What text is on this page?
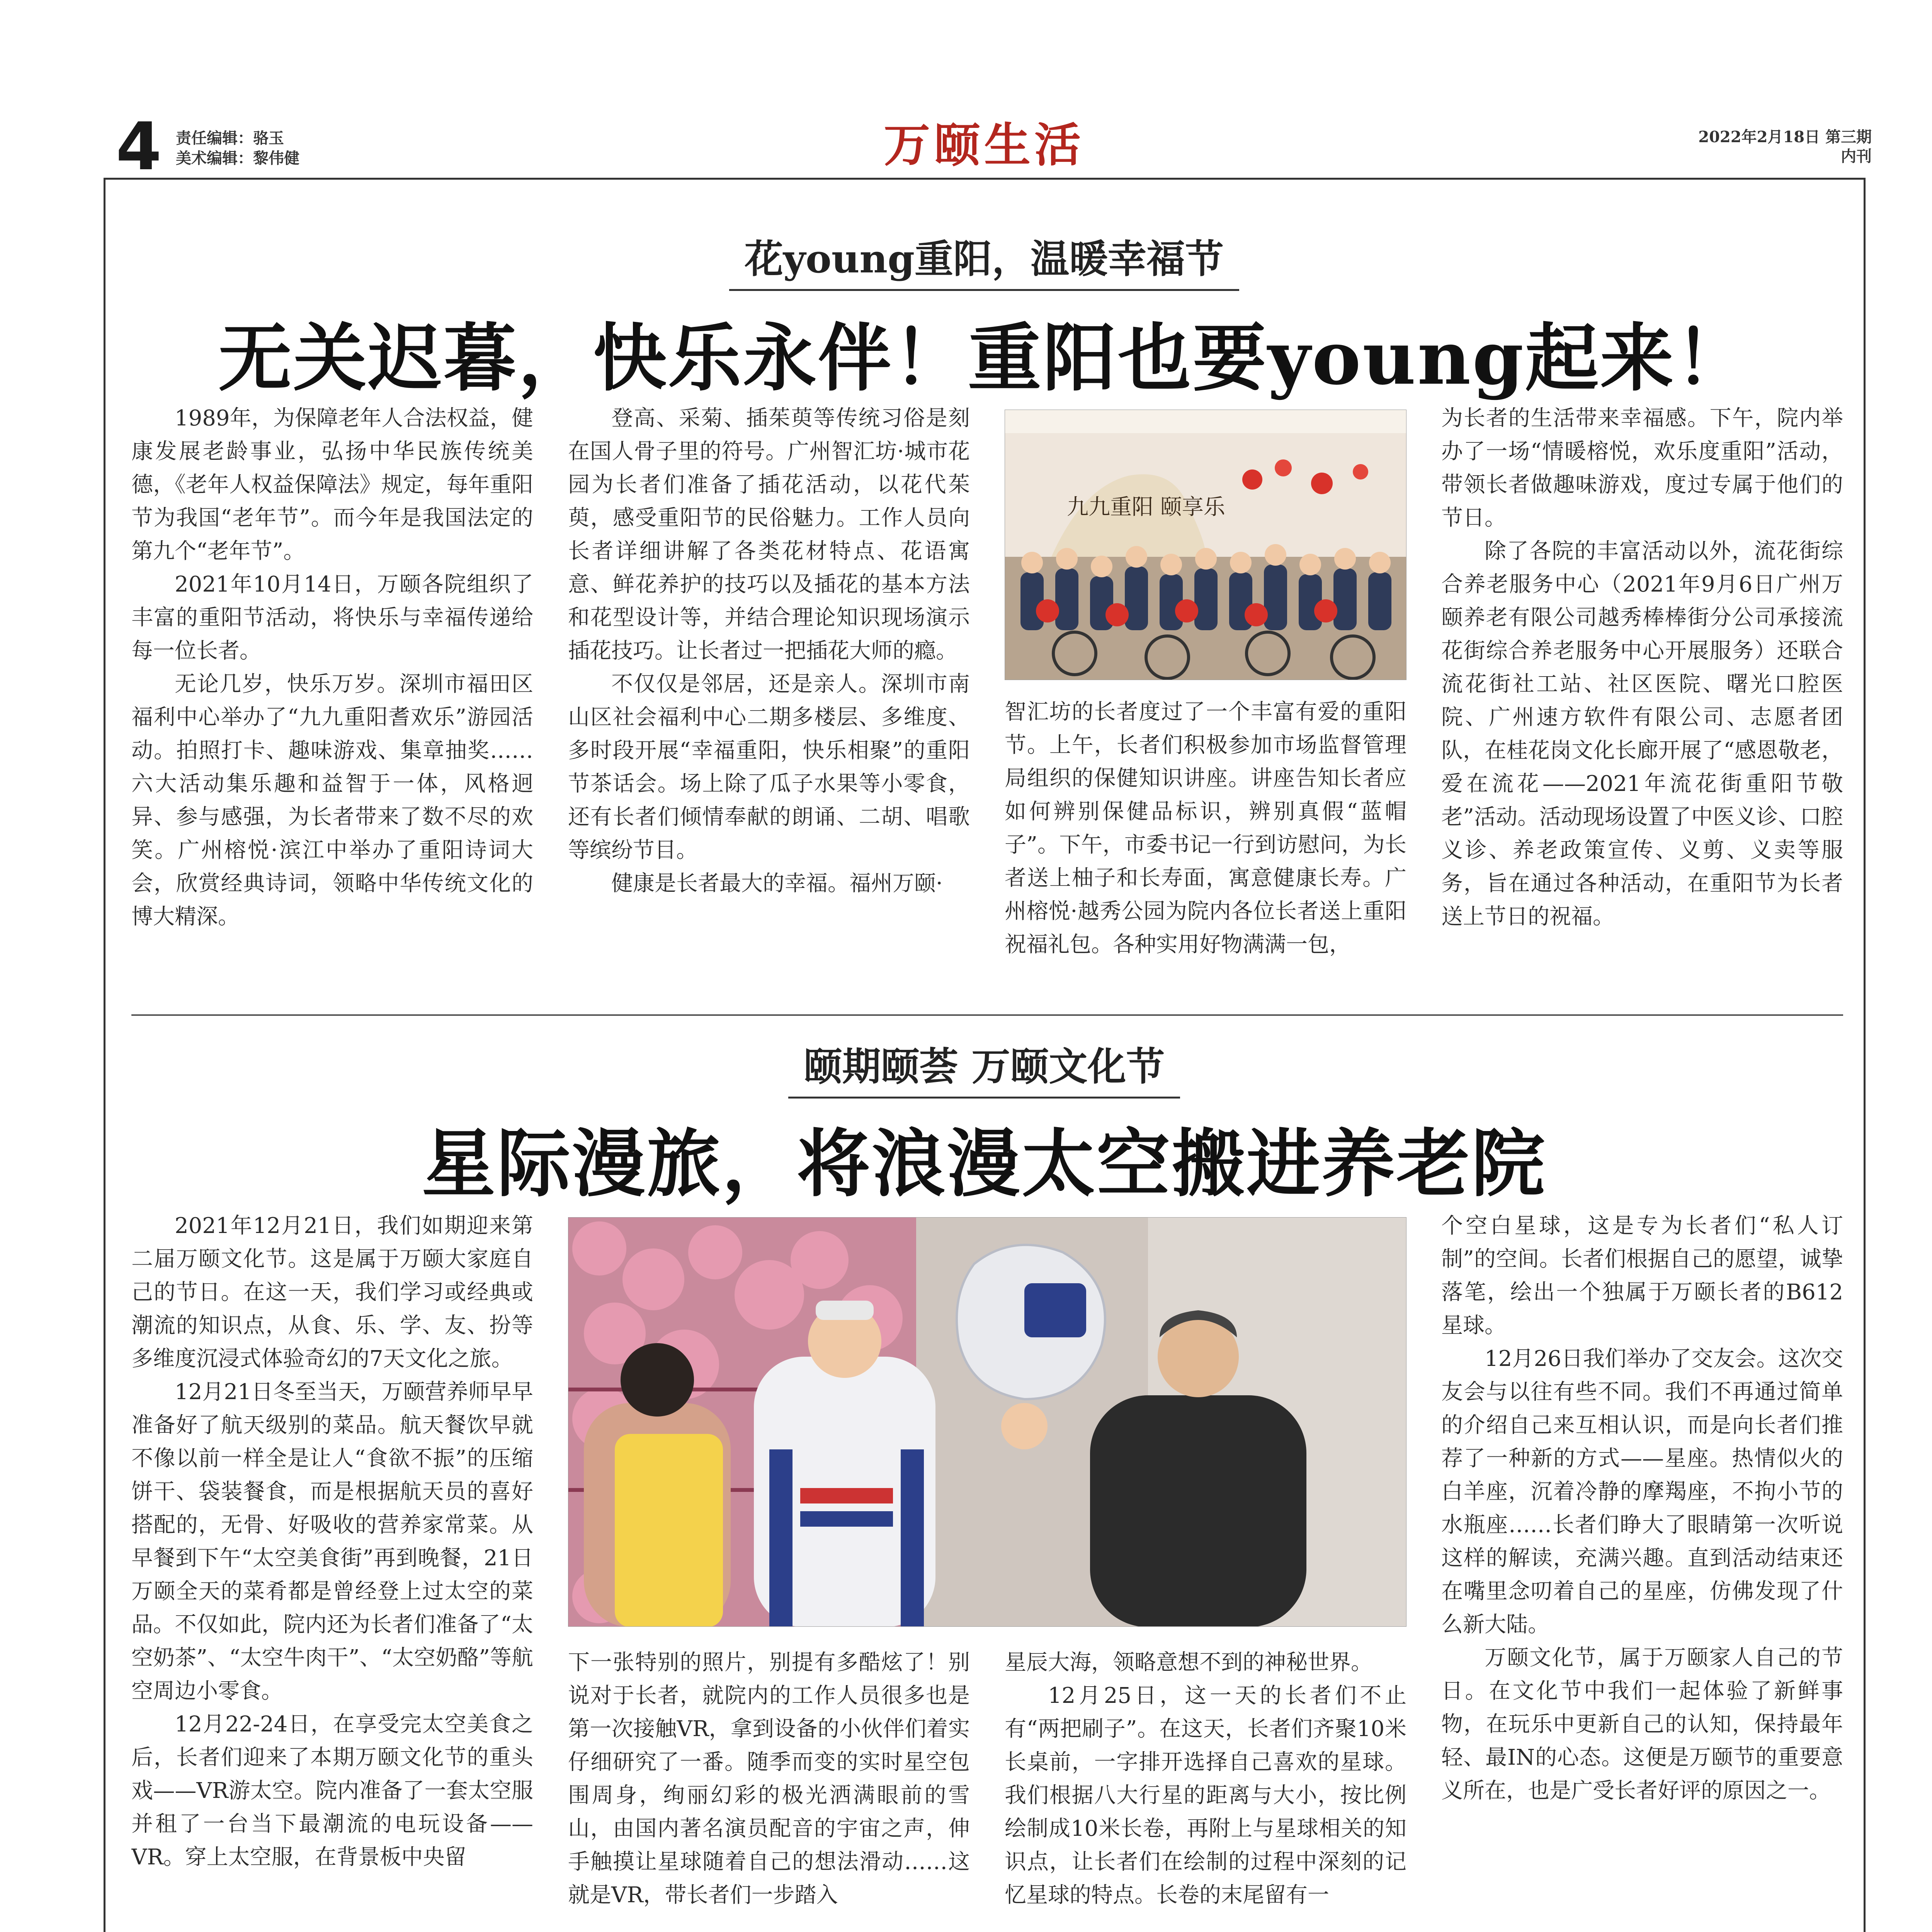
4 责任编辑：骆玉
美术编辑：黎伟健	万颐生活	2022年2月18日 第三期
内刊
花young重阳，温暖幸福节
无关迟暮，快乐永伴！重阳也要young起来！

1989年，为保障老年人合法权益，健康发展老龄事业，弘扬中华民族传统美德，《老年人权益保障法》规定，每年重阳节为我国“老年节”。而今年是我国法定的第九个“老年节”。

2021年10月14日，万颐各院组织了丰富的重阳节活动，将快乐与幸福传递给每一位长者。

无论几岁，快乐万岁。深圳市福田区福利中心举办了“九九重阳耆欢乐”游园活动。拍照打卡、趣味游戏、集章抽奖……六大活动集乐趣和益智于一体，风格迥异、参与感强，为长者带来了数不尽的欢笑。广州榕悦·滨江中举办了重阳诗词大会，欣赏经典诗词，领略中华传统文化的博大精深。

登高、采菊、插茱萸等传统习俗是刻在国人骨子里的符号。广州智汇坊·城市花园为长者们准备了插花活动，以花代茱萸，感受重阳节的民俗魅力。工作人员向长者详细讲解了各类花材特点、花语寓意、鲜花养护的技巧以及插花的基本方法和花型设计等，并结合理论知识现场演示插花技巧。让长者过一把插花大师的瘾。

不仅仅是邻居，还是亲人。深圳市南山区社会福利中心二期多楼层、多维度、多时段开展“幸福重阳，快乐相聚”的重阳节茶话会。场上除了瓜子水果等小零食，还有长者们倾情奉献的朗诵、二胡、唱歌等缤纷节目。

健康是长者最大的幸福。福州万颐·

九九重阳 颐享乐

智汇坊的长者度过了一个丰富有爱的重阳节。上午，长者们积极参加市场监督管理局组织的保健知识讲座。讲座告知长者应如何辨别保健品标识，辨别真假“蓝帽子”。下午，市委书记一行到访慰问，为长者送上柚子和长寿面，寓意健康长寿。广州榕悦·越秀公园为院内各位长者送上重阳祝福礼包。各种实用好物满满一包，

为长者的生活带来幸福感。下午，院内举办了一场“情暖榕悦，欢乐度重阳”活动，带领长者做趣味游戏，度过专属于他们的节日。

除了各院的丰富活动以外，流花街综合养老服务中心（2021年9月6日广州万颐养老有限公司越秀棒棒街分公司承接流花街综合养老服务中心开展服务）还联合流花街社工站、社区医院、曙光口腔医院、广州速方软件有限公司、志愿者团队，在桂花岗文化长廊开展了“感恩敬老，爱在流花——2021年流花街重阳节敬老”活动。活动现场设置了中医义诊、口腔义诊、养老政策宣传、义剪、义卖等服务，旨在通过各种活动，在重阳节为长者送上节日的祝福。

颐期颐荟 万颐文化节
星际漫旅，将浪漫太空搬进养老院

2021年12月21日，我们如期迎来第二届万颐文化节。这是属于万颐大家庭自己的节日。在这一天，我们学习或经典或潮流的知识点，从食、乐、学、友、扮等多维度沉浸式体验奇幻的7天文化之旅。

12月21日冬至当天，万颐营养师早早准备好了航天级别的菜品。航天餐饮早就不像以前一样全是让人“食欲不振”的压缩饼干、袋装餐食，而是根据航天员的喜好搭配的，无骨、好吸收的营养家常菜。从早餐到下午“太空美食街”再到晚餐，21日万颐全天的菜肴都是曾经登上过太空的菜品。不仅如此，院内还为长者们准备了“太空奶茶”、“太空牛肉干”、“太空奶酪”等航空周边小零食。

12月22-24日，在享受完太空美食之后，长者们迎来了本期万颐文化节的重头戏——VR游太空。院内准备了一套太空服并租了一台当下最潮流的电玩设备——VR。穿上太空服，在背景板中央留

下一张特别的照片，别提有多酷炫了！别说对于长者，就院内的工作人员很多也是第一次接触VR，拿到设备的小伙伴们着实仔细研究了一番。随季而变的实时星空包围周身，绚丽幻彩的极光洒满眼前的雪山，由国内著名演员配音的宇宙之声，伸手触摸让星球随着自己的想法滑动……这就是VR，带长者们一步踏入

星辰大海，领略意想不到的神秘世界。

12月25日，这一天的长者们不止有“两把刷子”。在这天，长者们齐聚10米长桌前，一字排开选择自己喜欢的星球。我们根据八大行星的距离与大小，按比例绘制成10米长卷，再附上与星球相关的知识点，让长者们在绘制的过程中深刻的记忆星球的特点。长卷的末尾留有一

个空白星球，这是专为长者们“私人订制”的空间。长者们根据自己的愿望，诚挚落笔，绘出一个独属于万颐长者的B612星球。

12月26日我们举办了交友会。这次交友会与以往有些不同。我们不再通过简单的介绍自己来互相认识，而是向长者们推荐了一种新的方式——星座。热情似火的白羊座，沉着冷静的摩羯座，不拘小节的水瓶座……长者们睁大了眼睛第一次听说这样的解读，充满兴趣。直到活动结束还在嘴里念叨着自己的星座，仿佛发现了什么新大陆。

万颐文化节，属于万颐家人自己的节日。在文化节中我们一起体验了新鲜事物，在玩乐中更新自己的认知，保持最年轻、最IN的心态。这便是万颐节的重要意义所在，也是广受长者好评的原因之一。
